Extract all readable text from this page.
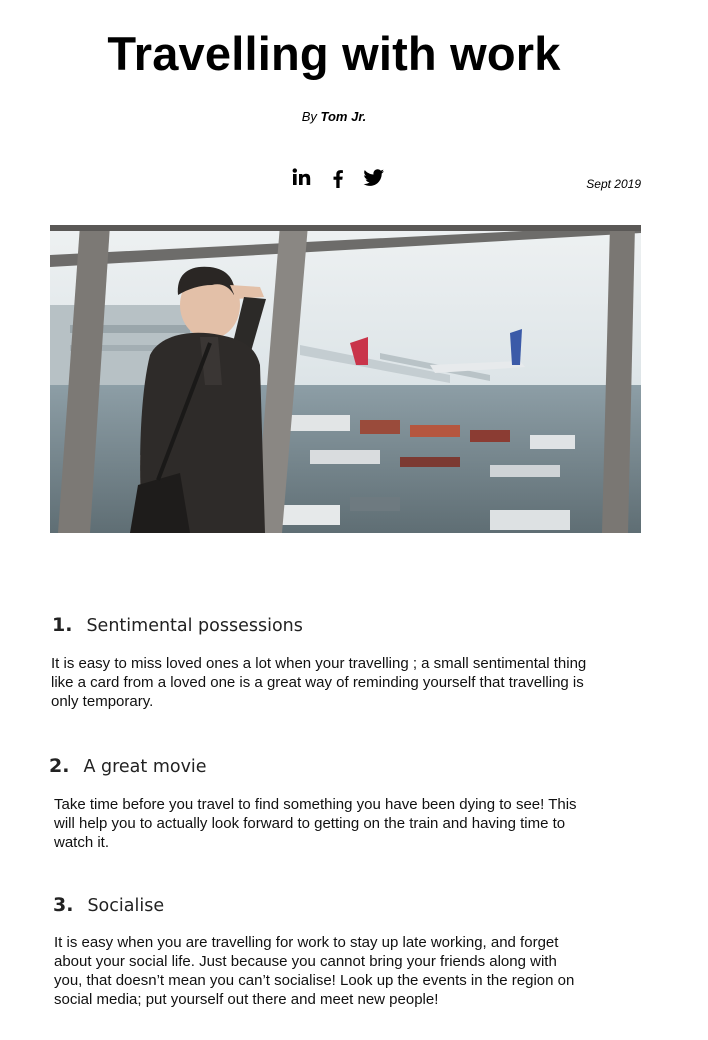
Travelling with work
By Tom Jr.
Sept 2019
1. Sentimental possessions

It is easy to miss loved ones a lot when your travelling ; a small sentimental thing
like a card from a loved one is a great way of reminding yourself that travelling is
only temporary.

2. A great movie

Take time before you travel to find something you have been dying to see! This
will help you to actually look forward to getting on the train and having time to
watch it.

3. Socialise

It is easy when you are travelling for work to stay up late working, and forget
about your social life. Just because you cannot bring your friends along with
you, that doesn’t mean you can’t socialise! Look up the events in the region on
social media; put yourself out there and meet new people!
